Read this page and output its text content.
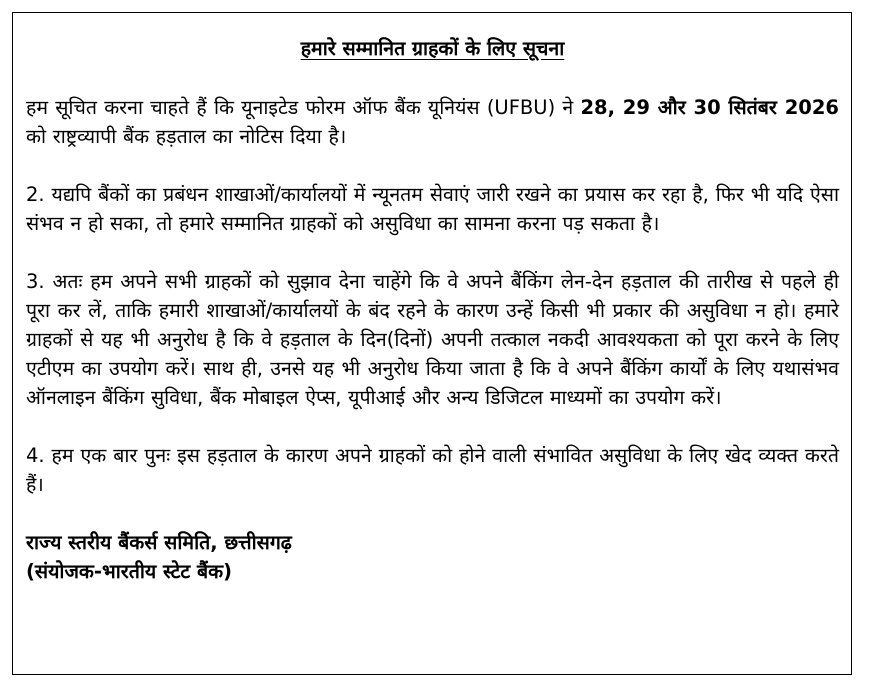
हमारे सम्मानित ग्राहकों के लिए सूचना

हम सूचित करना चाहते हैं कि यूनाइटेड फोरम ऑफ बैंक यूनियंस (UFBU) ने 28, 29 और 30 सितंबर 2026 को राष्ट्रव्यापी बैंक हड़ताल का नोटिस दिया है।

2. यद्यपि बैंकों का प्रबंधन शाखाओं/कार्यालयों में न्यूनतम सेवाएं जारी रखने का प्रयास कर रहा है, फिर भी यदि ऐसा संभव न हो सका, तो हमारे सम्मानित ग्राहकों को असुविधा का सामना करना पड़ सकता है।

3. अतः हम अपने सभी ग्राहकों को सुझाव देना चाहेंगे कि वे अपने बैंकिंग लेन-देन हड़ताल की तारीख से पहले ही पूरा कर लें, ताकि हमारी शाखाओं/कार्यालयों के बंद रहने के कारण उन्हें किसी भी प्रकार की असुविधा न हो। हमारे ग्राहकों से यह भी अनुरोध है कि वे हड़ताल के दिन(दिनों) अपनी तत्काल नकदी आवश्यकता को पूरा करने के लिए एटीएम का उपयोग करें। साथ ही, उनसे यह भी अनुरोध किया जाता है कि वे अपने बैंकिंग कार्यों के लिए यथासंभव ऑनलाइन बैंकिंग सुविधा, बैंक मोबाइल ऐप्स, यूपीआई और अन्य डिजिटल माध्यमों का उपयोग करें।

4. हम एक बार पुनः इस हड़ताल के कारण अपने ग्राहकों को होने वाली संभावित असुविधा के लिए खेद व्यक्त करते हैं।

राज्य स्तरीय बैंकर्स समिति, छत्तीसगढ़
(संयोजक-भारतीय स्टेट बैंक)
